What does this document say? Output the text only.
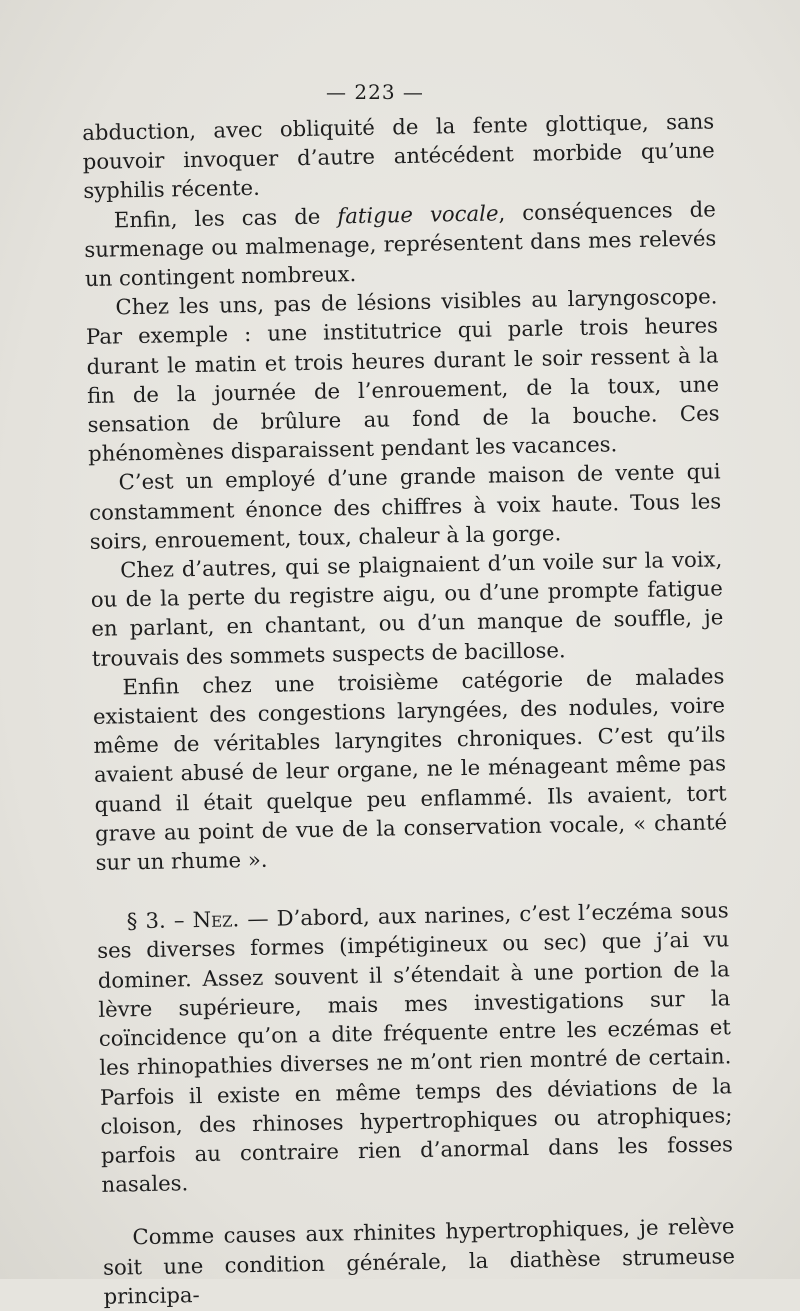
— 223 —

abduction, avec obliquité de la fente glottique, sans pouvoir invoquer d’autre antécédent morbide qu’une syphilis récente.

Enfin, les cas de fatigue vocale, conséquences de surmenage ou malmenage, représentent dans mes relevés un contingent nombreux.

Chez les uns, pas de lésions visibles au laryngoscope. Par exemple : une institutrice qui parle trois heures durant le matin et trois heures durant le soir ressent à la fin de la journée de l’enrouement, de la toux, une sensation de brûlure au fond de la bouche. Ces phénomènes disparaissent pendant les vacances.

C’est un employé d’une grande maison de vente qui constamment énonce des chiffres à voix haute. Tous les soirs, enrouement, toux, chaleur à la gorge.

Chez d’autres, qui se plaignaient d’un voile sur la voix, ou de la perte du registre aigu, ou d’une prompte fatigue en parlant, en chantant, ou d’un manque de souffle, je trouvais des sommets suspects de bacillose.

Enfin chez une troisième catégorie de malades existaient des congestions laryngées, des nodules, voire même de véritables laryngites chroniques. C’est qu’ils avaient abusé de leur organe, ne le ménageant même pas quand il était quelque peu enflammé. Ils avaient, tort grave au point de vue de la conservation vocale, « chanté sur un rhume ».

§ 3. – Nez. — D’abord, aux narines, c’est l’eczéma sous ses diverses formes (impétigineux ou sec) que j’ai vu dominer. Assez souvent il s’étendait à une portion de la lèvre supérieure, mais mes investigations sur la coïncidence qu’on a dite fréquente entre les eczémas et les rhinopathies diverses ne m’ont rien montré de certain. Parfois il existe en même temps des déviations de la cloison, des rhinoses hypertrophiques ou atrophiques; parfois au contraire rien d’anormal dans les fosses nasales.

Comme causes aux rhinites hypertrophiques, je relève soit une condition générale, la diathèse strumeuse principa-
